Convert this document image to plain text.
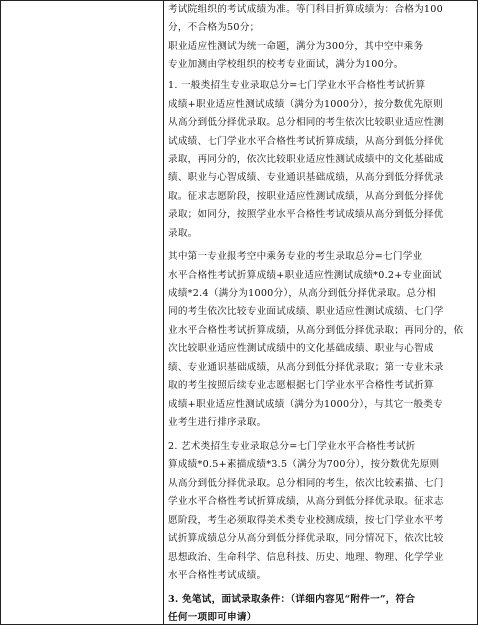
考试院组织的考试成绩为准。等门科目折算成绩为：合格为100
分，不合格为50分；
职业适应性测试为统一命题，满分为300分，其中空中乘务
专业加测由学校组织的校考专业面试，满分为100分。
1. 一般类招生专业录取总分=七门学业水平合格性考试折算
成绩+职业适应性测试成绩（满分为1000分），按分数优先原则
从高分到低分择优录取。总分相同的考生依次比较职业适应性测
试成绩、七门学业水平合格性考试折算成绩，从高分到低分择优
录取，再同分的，依次比较职业适应性测试成绩中的文化基础成
绩、职业与心智成绩、专业通识基础成绩，从高分到低分择优录
取。征求志愿阶段，按职业适应性测试成绩，从高分到低分择优
录取；如同分，按照学业水平合格性考试成绩从高分到低分择优
录取。
其中第一专业报考空中乘务专业的考生录取总分=七门学业
水平合格性考试折算成绩+职业适应性测试成绩*0.2+专业面试
成绩*2.4（满分为1000分），从高分到低分择优录取。总分相
同的考生依次比较专业面试成绩、职业适应性测试成绩、七门学
业水平合格性考试折算成绩，从高分到低分择优录取；再同分的，依
次比较职业适应性测试成绩中的文化基础成绩、职业与心智成
绩、专业通识基础成绩，从高分到低分择优录取；第一专业未录
取的考生按照后续专业志愿根据七门学业水平合格性考试折算
成绩+职业适应性测试成绩（满分为1000分），与其它一般类专
业考生进行排序录取。
2. 艺术类招生专业录取总分=七门学业水平合格性考试折
算成绩*0.5+素描成绩*3.5（满分为700分），按分数优先原则
从高分到低分择优录取。总分相同的考生，依次比较素描、七门
学业水平合格性考试折算成绩，从高分到低分择优录取。征求志
愿阶段，考生必须取得美术类专业校测成绩，按七门学业水平考
试折算成绩总分从高分到低分择优录取，同分情况下，依次比较
思想政治、生命科学、信息科技、历史、地理、物理、化学学业
水平合格性考试成绩。
3. 免笔试，面试录取条件：（详细内容见“附件一”，符合
任何一项即可申请）
